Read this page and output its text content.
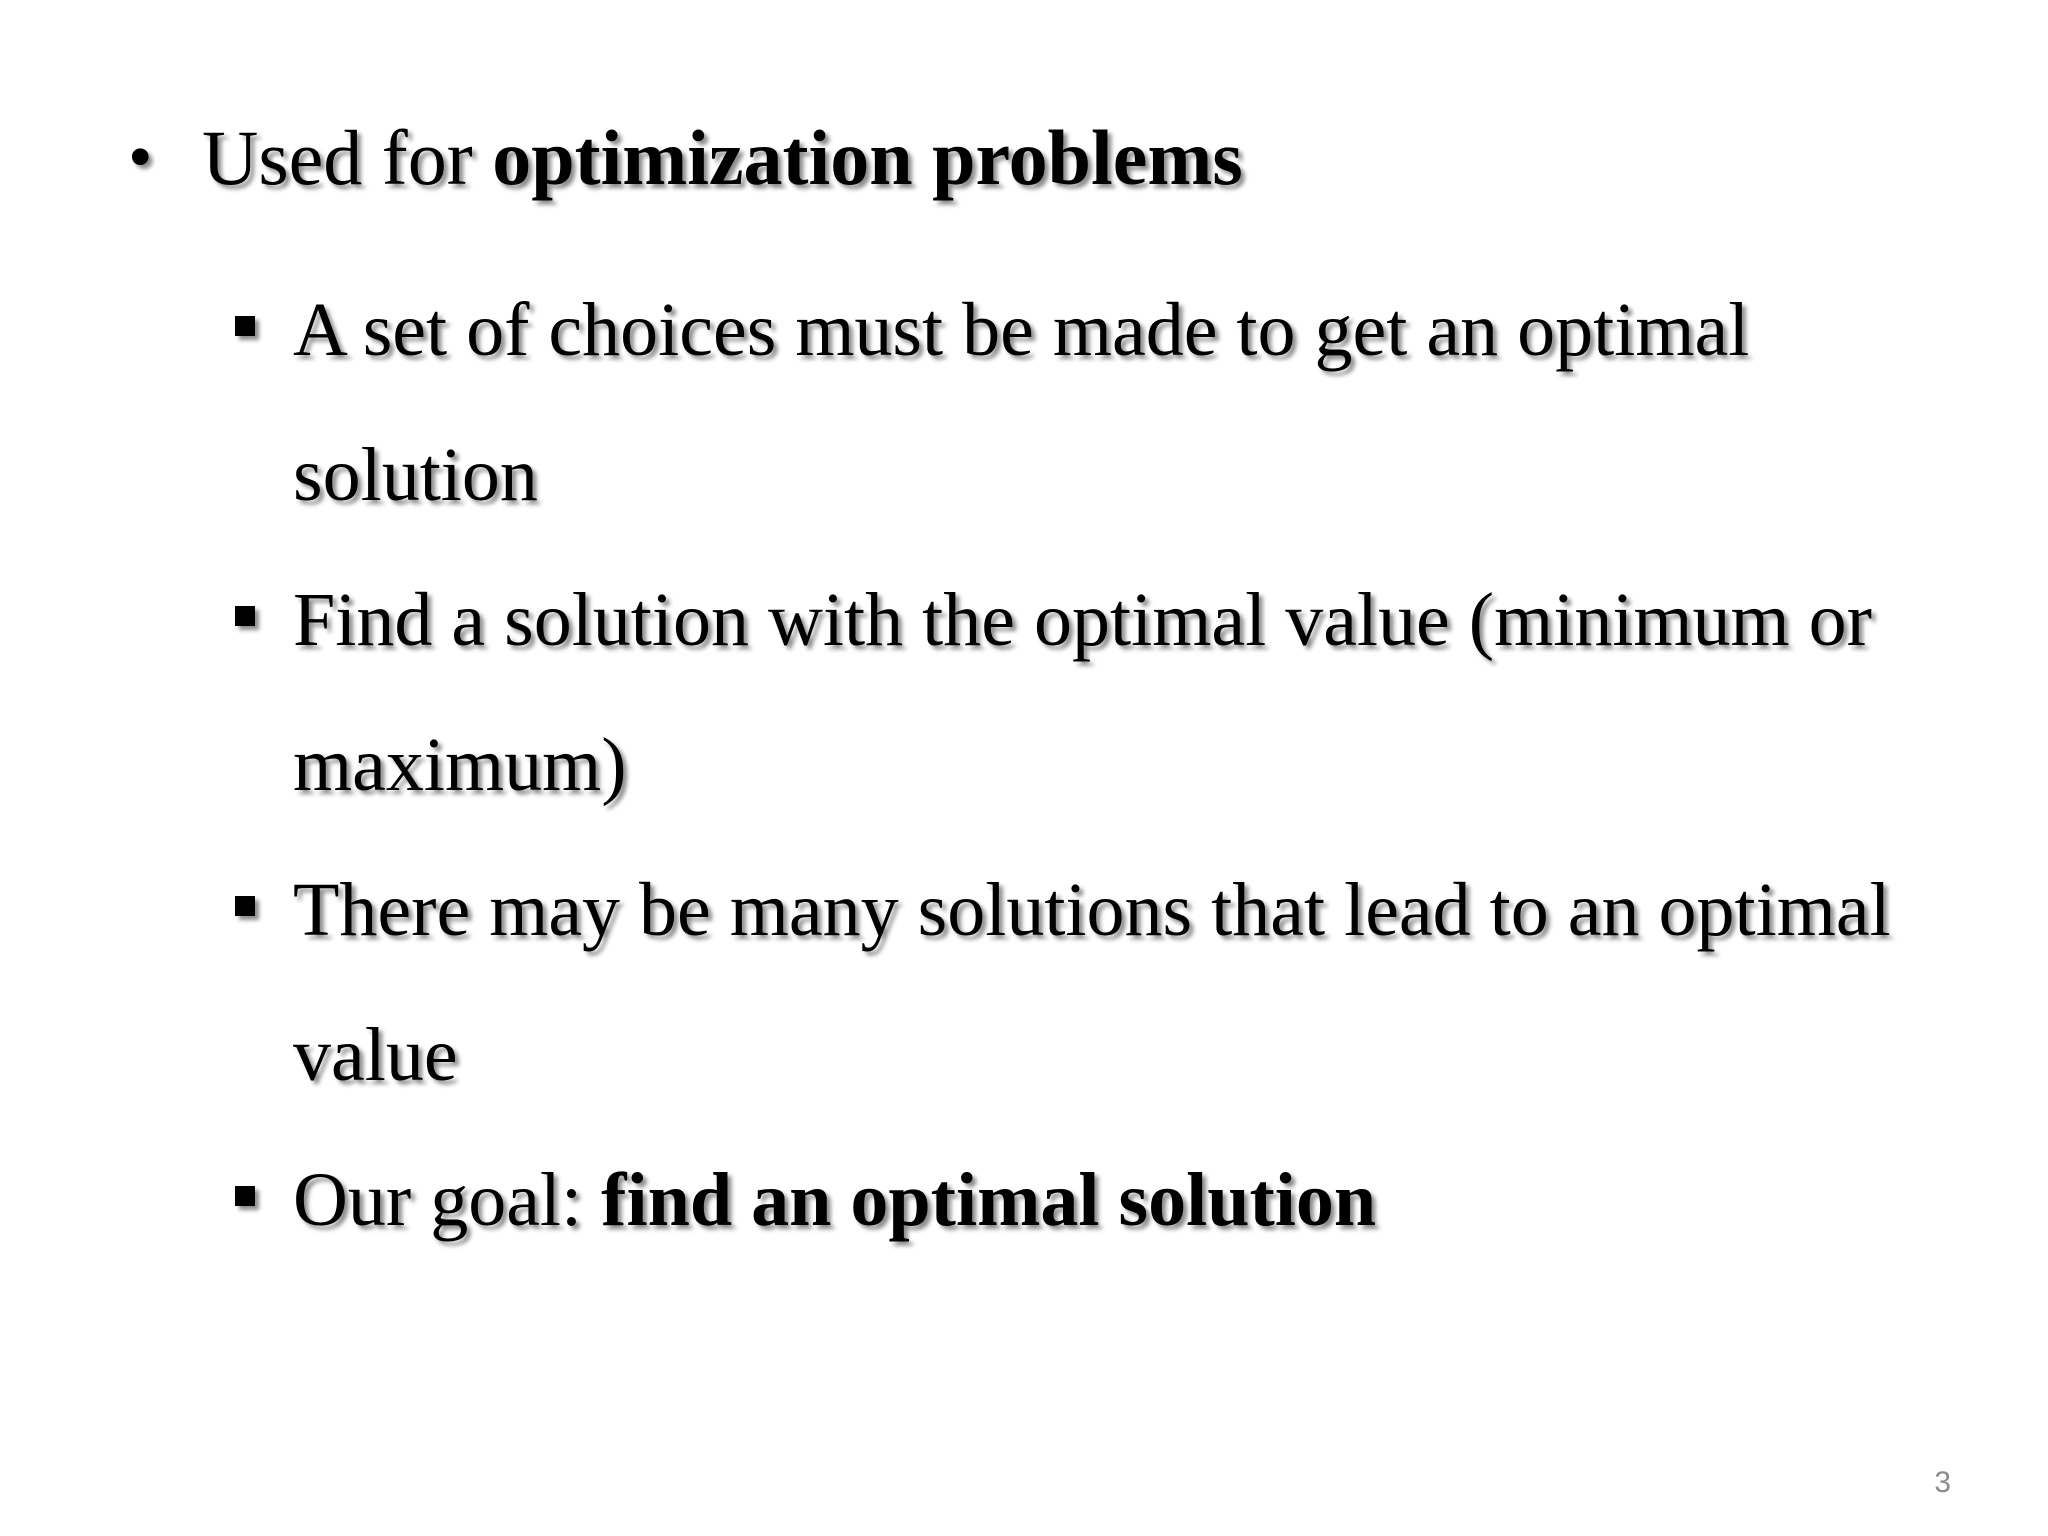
• Used for optimization problems
A set of choices must be made to get an optimal solution
Find a solution with the optimal value (minimum or maximum)
There may be many solutions that lead to an optimal value
Our goal: find an optimal solution
3
